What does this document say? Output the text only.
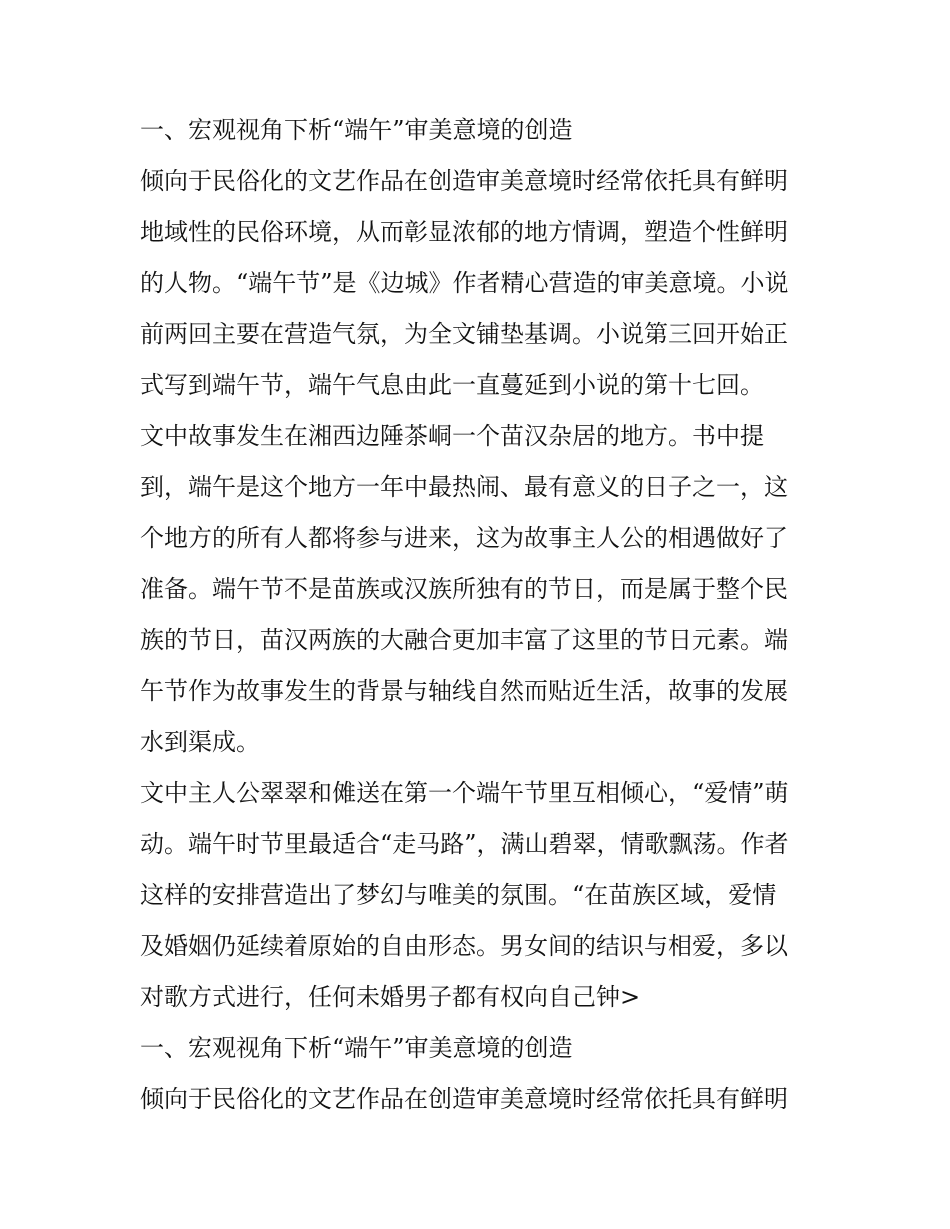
一、宏观视角下析“端午”审美意境的创造
倾向于民俗化的文艺作品在创造审美意境时经常依托具有鲜明
地域性的民俗环境，从而彰显浓郁的地方情调，塑造个性鲜明
的人物。“端午节”是《边城》作者精心营造的审美意境。小说
前两回主要在营造气氛，为全文铺垫基调。小说第三回开始正
式写到端午节，端午气息由此一直蔓延到小说的第十七回。
文中故事发生在湘西边陲茶峒一个苗汉杂居的地方。书中提
到，端午是这个地方一年中最热闹、最有意义的日子之一，这
个地方的所有人都将参与进来，这为故事主人公的相遇做好了
准备。端午节不是苗族或汉族所独有的节日，而是属于整个民
族的节日，苗汉两族的大融合更加丰富了这里的节日元素。端
午节作为故事发生的背景与轴线自然而贴近生活，故事的发展
水到渠成。
文中主人公翠翠和傩送在第一个端午节里互相倾心，“爱情”萌
动。端午时节里最适合“走马路”，满山碧翠，情歌飘荡。作者
这样的安排营造出了梦幻与唯美的氛围。“在苗族区域，爱情
及婚姻仍延续着原始的自由形态。男女间的结识与相爱，多以
对歌方式进行，任何未婚男子都有权向自己钟>
一、宏观视角下析“端午”审美意境的创造
倾向于民俗化的文艺作品在创造审美意境时经常依托具有鲜明
